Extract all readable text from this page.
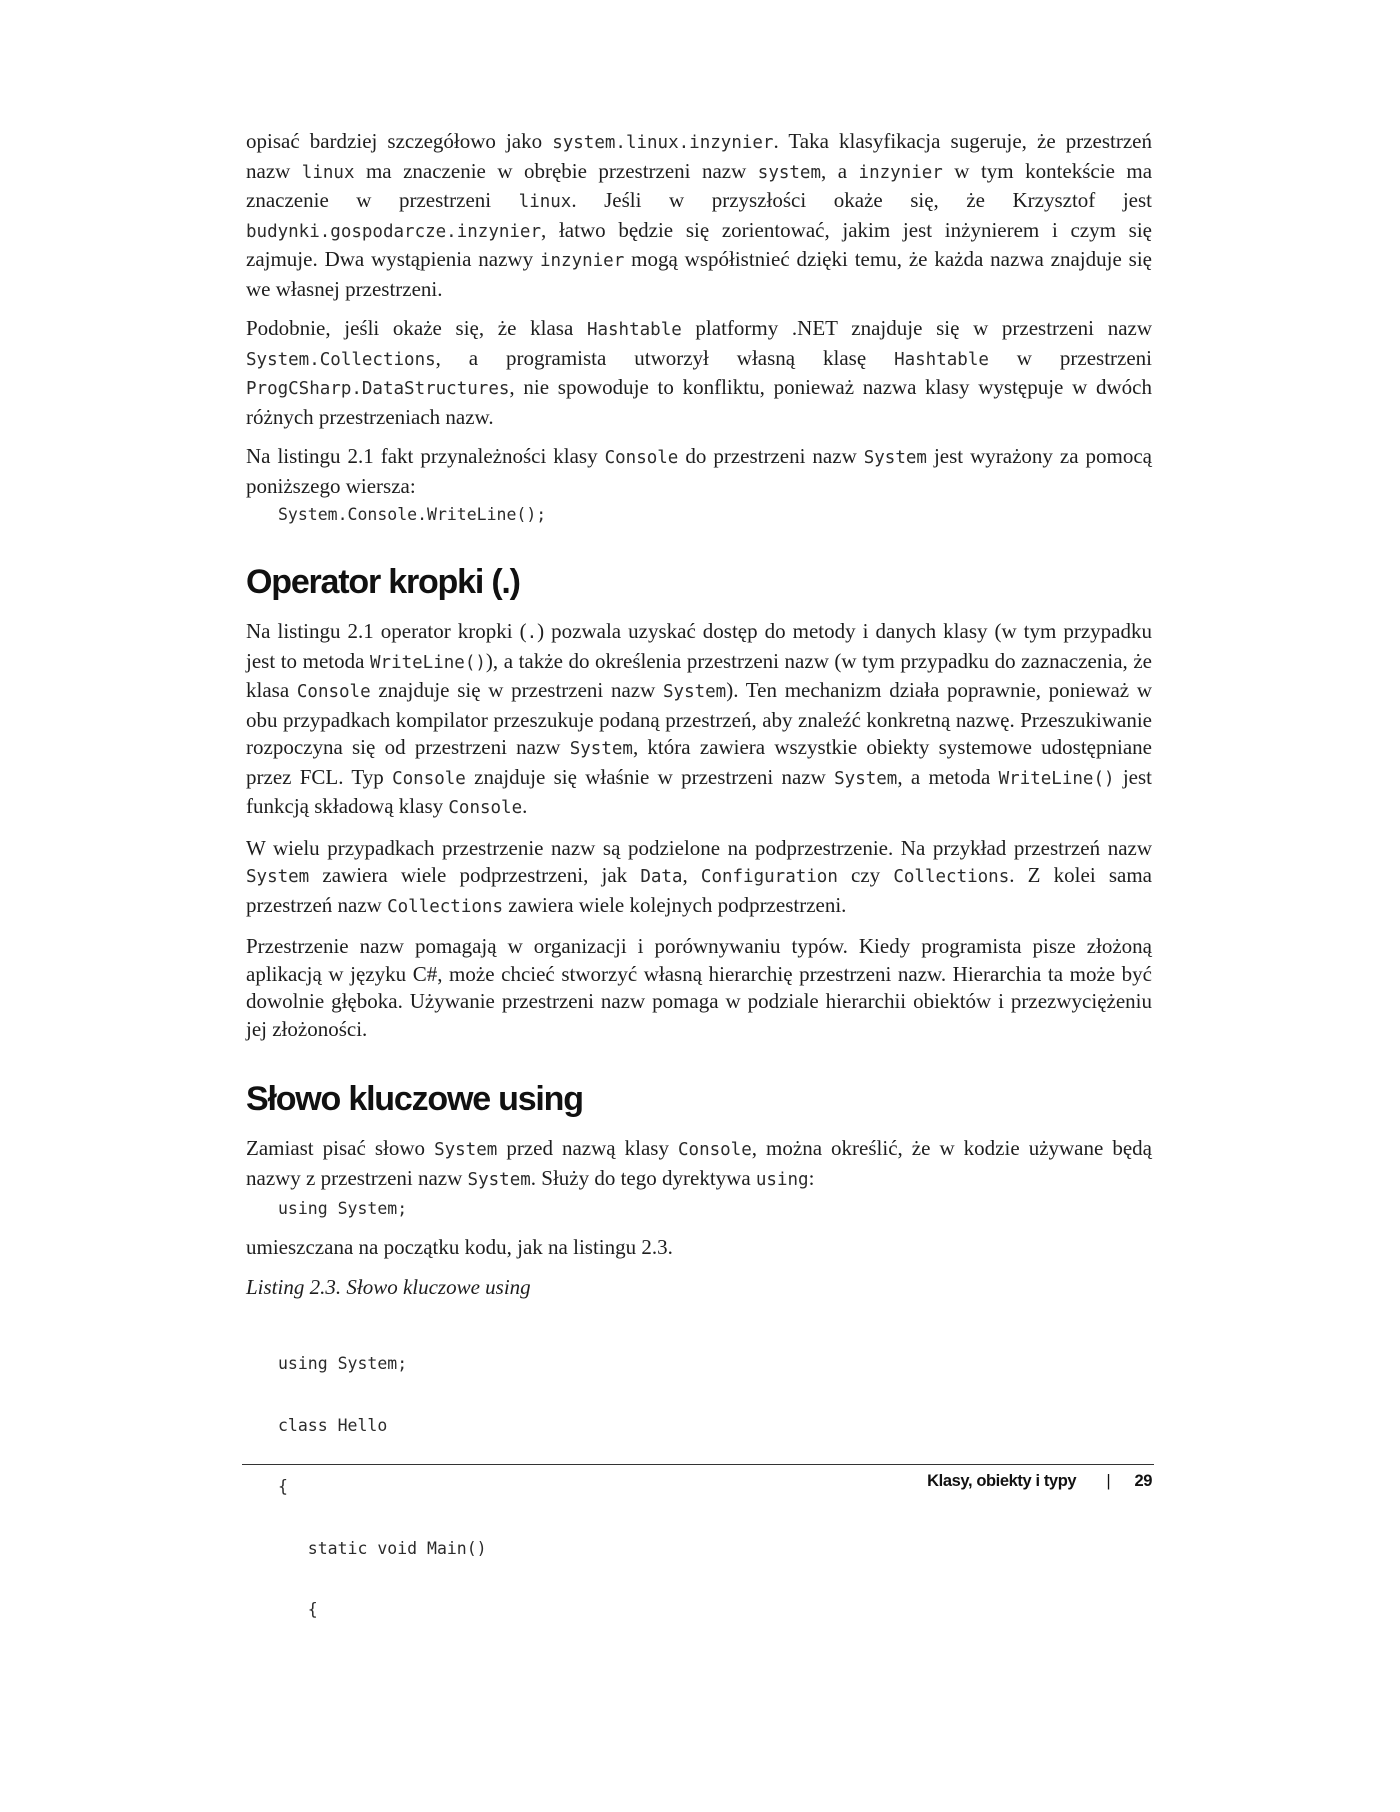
opisać bardziej szczegółowo jako system.linux.inzynier. Taka klasyfikacja sugeruje, że przestrzeń nazw linux ma znaczenie w obrębie przestrzeni nazw system, a inzynier w tym kontekście ma znaczenie w przestrzeni linux. Jeśli w przyszłości okaże się, że Krzysztof jest budynki.gospodarcze.inzynier, łatwo będzie się zorientować, jakim jest inżynierem i czym się zajmuje. Dwa wystąpienia nazwy inzynier mogą współistnieć dzięki temu, że każda nazwa znajduje się we własnej przestrzeni.

Podobnie, jeśli okaże się, że klasa Hashtable platformy .NET znajduje się w przestrzeni nazw System.Collections, a programista utworzył własną klasę Hashtable w przestrzeni ProgCSharp.DataStructures, nie spowoduje to konfliktu, ponieważ nazwa klasy występuje w dwóch różnych przestrzeniach nazw.

Na listingu 2.1 fakt przynależności klasy Console do przestrzeni nazw System jest wyrażony za pomocą poniższego wiersza:

System.Console.WriteLine();
Operator kropki (.)

Na listingu 2.1 operator kropki (.) pozwala uzyskać dostęp do metody i danych klasy (w tym przypadku jest to metoda WriteLine()), a także do określenia przestrzeni nazw (w tym przypadku do zaznaczenia, że klasa Console znajduje się w przestrzeni nazw System). Ten mechanizm działa poprawnie, ponieważ w obu przypadkach kompilator przeszukuje podaną przestrzeń, aby znaleźć konkretną nazwę. Przeszukiwanie rozpoczyna się od przestrzeni nazw System, która zawiera wszystkie obiekty systemowe udostępniane przez FCL. Typ Console znajduje się właśnie w przestrzeni nazw System, a metoda WriteLine() jest funkcją składową klasy Console.

W wielu przypadkach przestrzenie nazw są podzielone na podprzestrzenie. Na przykład przestrzeń nazw System zawiera wiele podprzestrzeni, jak Data, Configuration czy Collections. Z kolei sama przestrzeń nazw Collections zawiera wiele kolejnych podprzestrzeni.

Przestrzenie nazw pomagają w organizacji i porównywaniu typów. Kiedy programista pisze złożoną aplikacją w języku C#, może chcieć stworzyć własną hierarchię przestrzeni nazw. Hierarchia ta może być dowolnie głęboka. Używanie przestrzeni nazw pomaga w podziale hierarchii obiektów i przezwyciężeniu jej złożoności.

Słowo kluczowe using

Zamiast pisać słowo System przed nazwą klasy Console, można określić, że w kodzie używane będą nazwy z przestrzeni nazw System. Służy do tego dyrektywa using:

using System;

umieszczana na początku kodu, jak na listingu 2.3.

Listing 2.3. Słowo kluczowe using

using System;

class Hello

{

static void Main()

{

Klasy, obiekty i typy | 29
